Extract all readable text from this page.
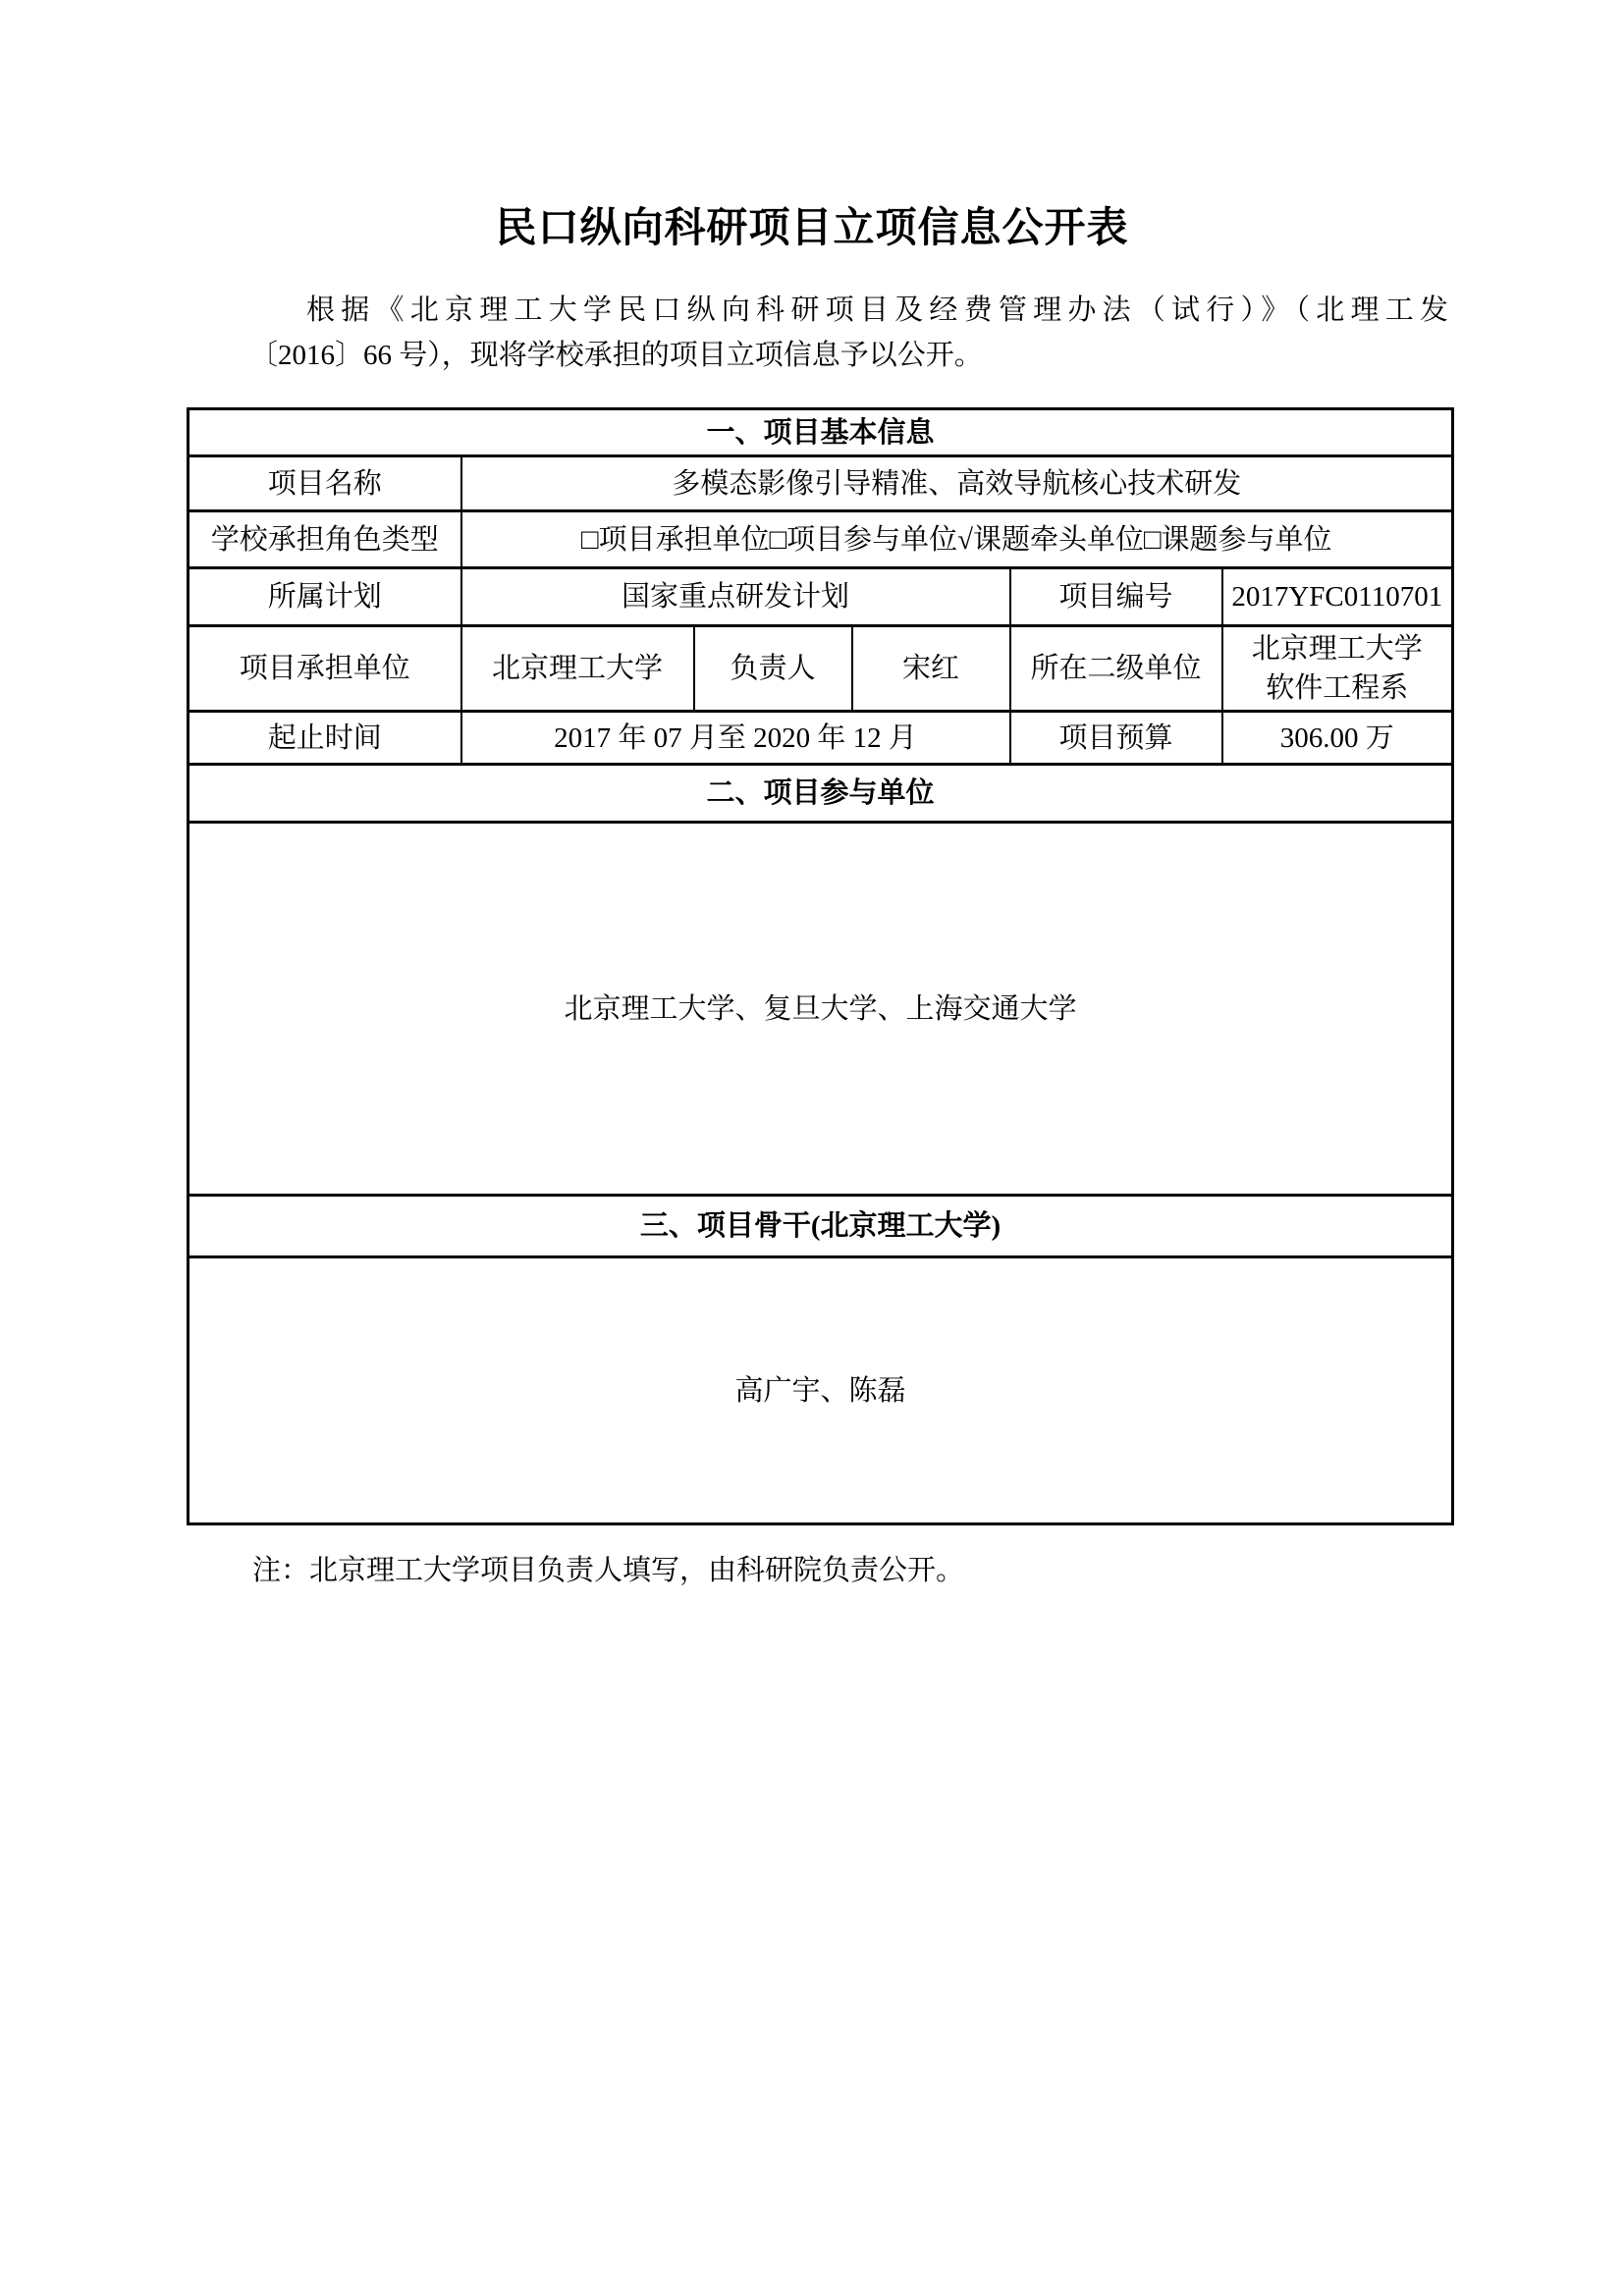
民口纵向科研项目立项信息公开表
根据《北京理工大学民口纵向科研项目及经费管理办法（试行）》（北理工发
〔2016〕66 号），现将学校承担的项目立项信息予以公开。
一、项目基本信息					
项目名称	多模态影像引导精准、高效导航核心技术研发				
学校承担角色类型	□项目承担单位□项目参与单位√课题牵头单位□课题参与单位				
所属计划	国家重点研发计划			项目编号	2017YFC0110701
项目承担单位	北京理工大学	负责人	宋红	所在二级单位	北京理工大学
软件工程系

起止时间	2017 年 07 月至 2020 年 12 月			项目预算	306.00 万
二、项目参与单位					
北京理工大学、复旦大学、上海交通大学					
三、项目骨干(北京理工大学)					
高广宇、陈磊					

注：北京理工大学项目负责人填写，由科研院负责公开。
